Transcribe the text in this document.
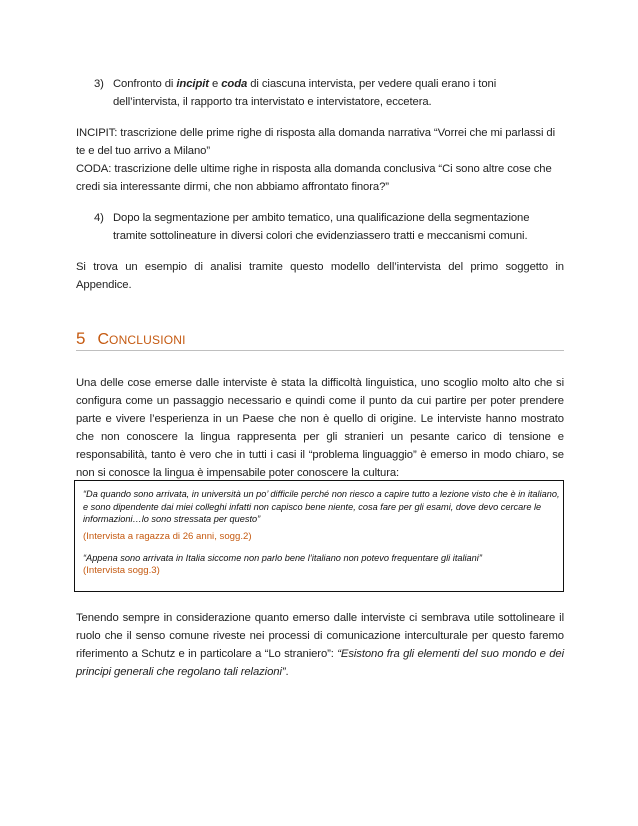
3) Confronto di incipit e coda di ciascuna intervista, per vedere quali erano i toni dell’intervista, il rapporto tra intervistato e intervistatore, eccetera.
INCIPIT: trascrizione delle prime righe di risposta alla domanda narrativa “Vorrei che mi parlassi di te e del tuo arrivo a Milano”
CODA: trascrizione delle ultime righe in risposta alla domanda conclusiva “Ci sono altre cose che credi sia interessante dirmi, che non abbiamo affrontato finora?”
4) Dopo la segmentazione per ambito tematico, una qualificazione della segmentazione tramite sottolineature in diversi colori che evidenziassero tratti e meccanismi comuni.
Si trova un esempio di analisi tramite questo modello dell’intervista del primo soggetto in Appendice.
5 CONCLUSIONI
Una delle cose emerse dalle interviste è stata la difficoltà linguistica, uno scoglio molto alto che si configura come un passaggio necessario e quindi come il punto da cui partire per poter prendere parte e vivere l’esperienza in un Paese che non è quello di origine. Le interviste hanno mostrato che non conoscere la lingua rappresenta per gli stranieri un pesante carico di tensione e responsabilità, tanto è vero che in tutti i casi il “problema linguaggio” è emerso in modo chiaro, se non si conosce la lingua è impensabile poter conoscere la cultura:
“Da quando sono arrivata, in università un po’ difficile perché non riesco a capire tutto a lezione visto che è in italiano, e sono dipendente dai miei colleghi infatti non capisco bene niente, cosa fare per gli esami, dove devo cercare le informazioni…lo sono stressata per questo”
(Intervista a ragazza di 26 anni, sogg.2)
“Appena sono arrivata in Italia siccome non parlo bene l’italiano non potevo frequentare gli italiani”
(Intervista sogg.3)
Tenendo sempre in considerazione quanto emerso dalle interviste ci sembrava utile sottolineare il ruolo che il senso comune riveste nei processi di comunicazione interculturale per questo faremo riferimento a Schutz e in particolare a “Lo straniero”: “Esistono fra gli elementi del suo mondo e dei principi generali che regolano tali relazioni”.
